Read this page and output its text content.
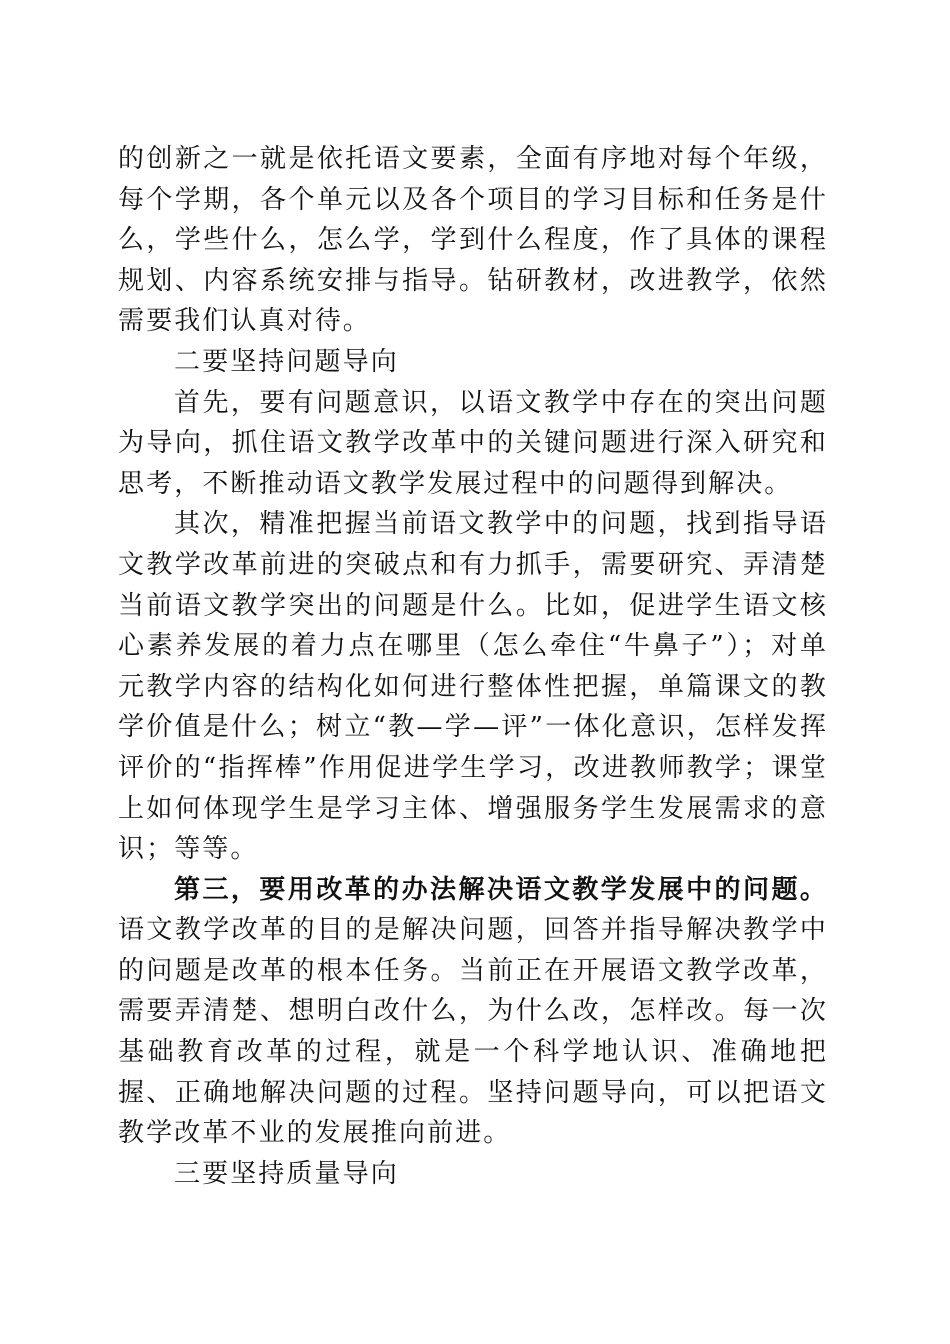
的创新之一就是依托语文要素，全面有序地对每个年级，每个学期，各个单元以及各个项目的学习目标和任务是什么，学些什么，怎么学，学到什么程度，作了具体的课程规划、内容系统安排与指导。钻研教材，改进教学，依然需要我们认真对待。

二要坚持问题导向

首先，要有问题意识，以语文教学中存在的突出问题为导向，抓住语文教学改革中的关键问题进行深入研究和思考，不断推动语文教学发展过程中的问题得到解决。

其次，精准把握当前语文教学中的问题，找到指导语文教学改革前进的突破点和有力抓手，需要研究、弄清楚当前语文教学突出的问题是什么。比如，促进学生语文核心素养发展的着力点在哪里（怎么牵住“牛鼻子”）；对单元教学内容的结构化如何进行整体性把握，单篇课文的教学价值是什么；树立“教—学—评”一体化意识，怎样发挥评价的“指挥棒”作用促进学生学习，改进教师教学；课堂上如何体现学生是学习主体、增强服务学生发展需求的意识；等等。

第三，要用改革的办法解决语文教学发展中的问题。语文教学改革的目的是解决问题，回答并指导解决教学中的问题是改革的根本任务。当前正在开展语文教学改革，需要弄清楚、想明白改什么，为什么改，怎样改。每一次基础教育改革的过程，就是一个科学地认识、准确地把握、正确地解决问题的过程。坚持问题导向，可以把语文教学改革不业的发展推向前进。

三要坚持质量导向
